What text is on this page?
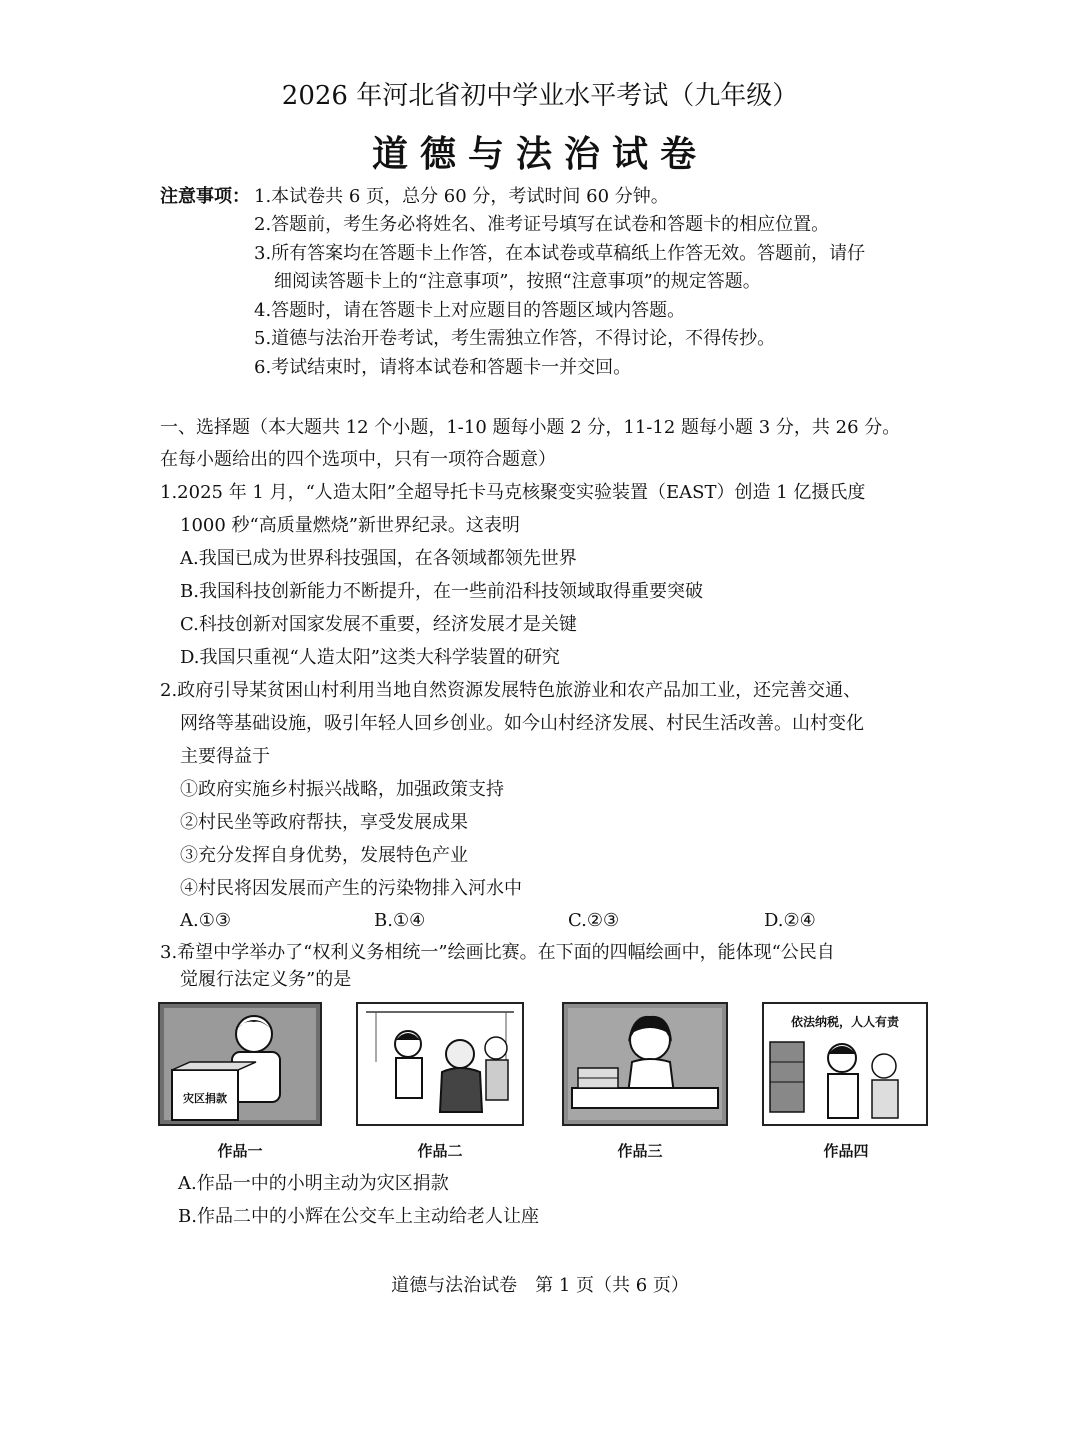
2026 年河北省初中学业水平考试（九年级）
道德与法治试卷
注意事项： 1.本试卷共 6 页，总分 60 分，考试时间 60 分钟。
2.答题前，考生务必将姓名、准考证号填写在试卷和答题卡的相应位置。
3.所有答案均在答题卡上作答，在本试卷或草稿纸上作答无效。答题前，请仔
细阅读答题卡上的“注意事项”，按照“注意事项”的规定答题。
4.答题时，请在答题卡上对应题目的答题区域内答题。
5.道德与法治开卷考试，考生需独立作答，不得讨论，不得传抄。
6.考试结束时，请将本试卷和答题卡一并交回。
一、选择题（本大题共 12 个小题，1-10 题每小题 2 分，11-12 题每小题 3 分，共 26 分。
在每小题给出的四个选项中，只有一项符合题意）
1.2025 年 1 月，“人造太阳”全超导托卡马克核聚变实验装置（EAST）创造 1 亿摄氏度
1000 秒“高质量燃烧”新世界纪录。这表明
A.我国已成为世界科技强国，在各领域都领先世界
B.我国科技创新能力不断提升，在一些前沿科技领域取得重要突破
C.科技创新对国家发展不重要，经济发展才是关键
D.我国只重视“人造太阳”这类大科学装置的研究
2.政府引导某贫困山村利用当地自然资源发展特色旅游业和农产品加工业，还完善交通、
网络等基础设施，吸引年轻人回乡创业。如今山村经济发展、村民生活改善。山村变化
主要得益于
①政府实施乡村振兴战略，加强政策支持
②村民坐等政府帮扶，享受发展成果
③充分发挥自身优势，发展特色产业
④村民将因发展而产生的污染物排入河水中
A.①③	B.①④	C.②③	D.②④
3.希望中学举办了“权利义务相统一”绘画比赛。在下面的四幅绘画中，能体现“公民自
觉履行法定义务”的是
灾区捐款
依法纳税，人人有责
作品一	作品二	作品三	作品四
A.作品一中的小明主动为灾区捐款
B.作品二中的小辉在公交车上主动给老人让座
道德与法治试卷　第 1 页（共 6 页）
